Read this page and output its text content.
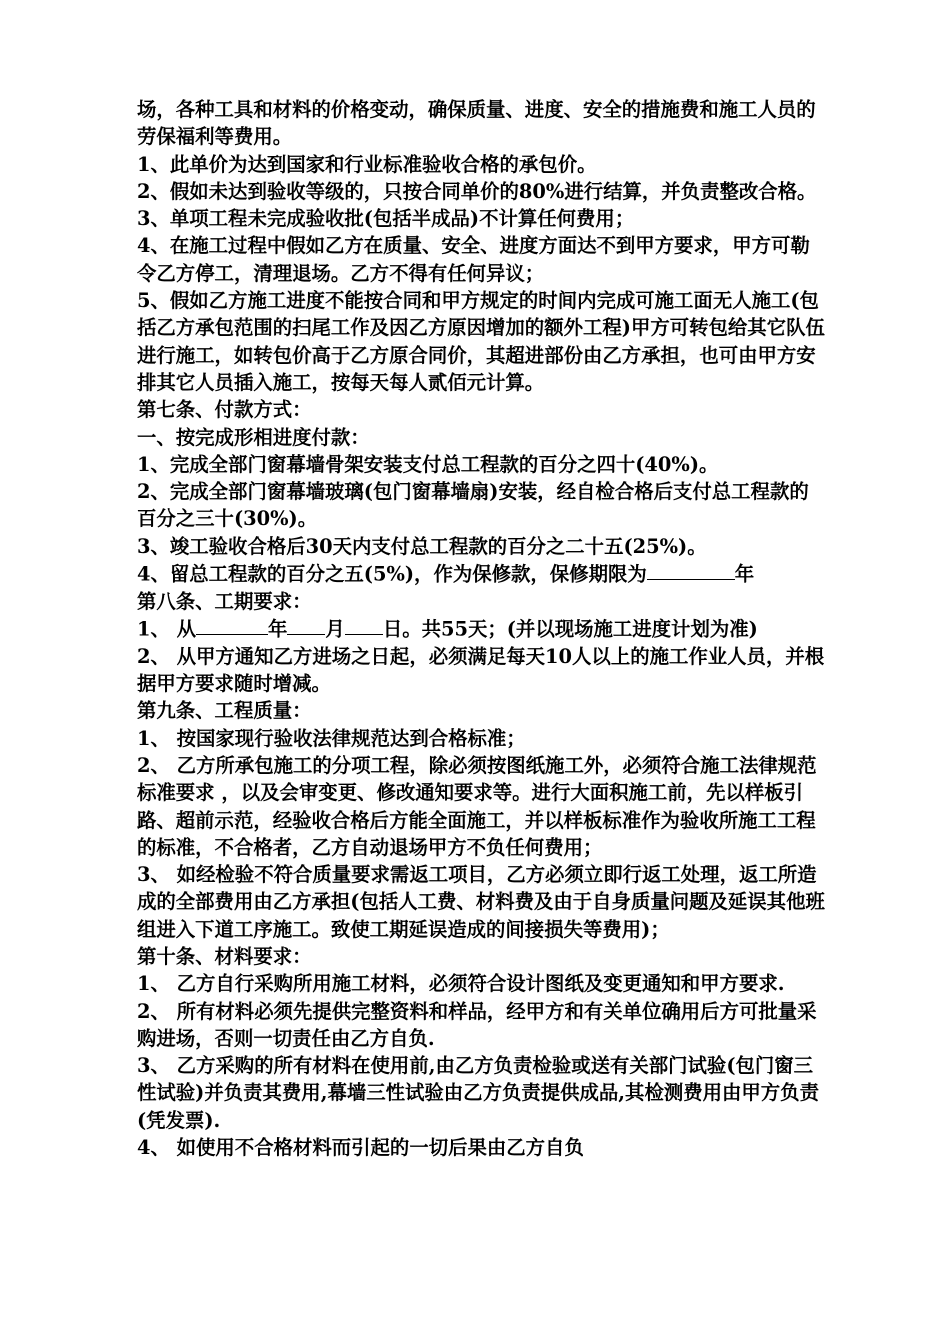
场，各种工具和材料的价格变动，确保质量、进度、安全的措施费和施工人员的劳保福利等费用。

1、此单价为达到国家和行业标准验收合格的承包价。

2、假如未达到验收等级的，只按合同单价的80%进行结算，并负责整改合格。

3、单项工程未完成验收批(包括半成品)不计算任何费用；

4、在施工过程中假如乙方在质量、安全、进度方面达不到甲方要求，甲方可勒令乙方停工，清理退场。乙方不得有任何异议；

5、假如乙方施工进度不能按合同和甲方规定的时间内完成可施工面无人施工(包括乙方承包范围的扫尾工作及因乙方原因增加的额外工程)甲方可转包给其它队伍进行施工，如转包价高于乙方原合同价，其超进部份由乙方承担，也可由甲方安排其它人员插入施工，按每天每人贰佰元计算。

第七条、付款方式：

一、按完成形相进度付款：

1、完成全部门窗幕墙骨架安装支付总工程款的百分之四十(40%)。

2、完成全部门窗幕墙玻璃(包门窗幕墙扇)安装，经自检合格后支付总工程款的百分之三十(30%)。

3、竣工验收合格后30天内支付总工程款的百分之二十五(25%)。

4、留总工程款的百分之五(5%)，作为保修款，保修期限为	年

第八条、工期要求：

1、 从	年 月 日。共55天；(并以现场施工进度计划为准)

2、 从甲方通知乙方进场之日起，必须满足每天10人以上的施工作业人员，并根据甲方要求随时增减。

第九条、工程质量：

1、 按国家现行验收法律规范达到合格标准；

2、 乙方所承包施工的分项工程，除必须按图纸施工外，必须符合施工法律规范标准要求 ，以及会审变更、修改通知要求等。进行大面积施工前，先以样板引路、超前示范，经验收合格后方能全面施工，并以样板标准作为验收所施工工程的标准，不合格者，乙方自动退场甲方不负任何费用；

3、 如经检验不符合质量要求需返工项目，乙方必须立即行返工处理，返工所造成的全部费用由乙方承担(包括人工费、材料费及由于自身质量问题及延误其他班组进入下道工序施工。致使工期延误造成的间接损失等费用)；

第十条、材料要求：

1、 乙方自行采购所用施工材料，必须符合设计图纸及变更通知和甲方要求.

2、 所有材料必须先提供完整资料和样品，经甲方和有关单位确用后方可批量采购进场，否则一切责任由乙方自负.

3、 乙方采购的所有材料在使用前,由乙方负责检验或送有关部门试验(包门窗三性试验)并负责其费用,幕墙三性试验由乙方负责提供成品,其检测费用由甲方负责(凭发票).

4、 如使用不合格材料而引起的一切后果由乙方自负
